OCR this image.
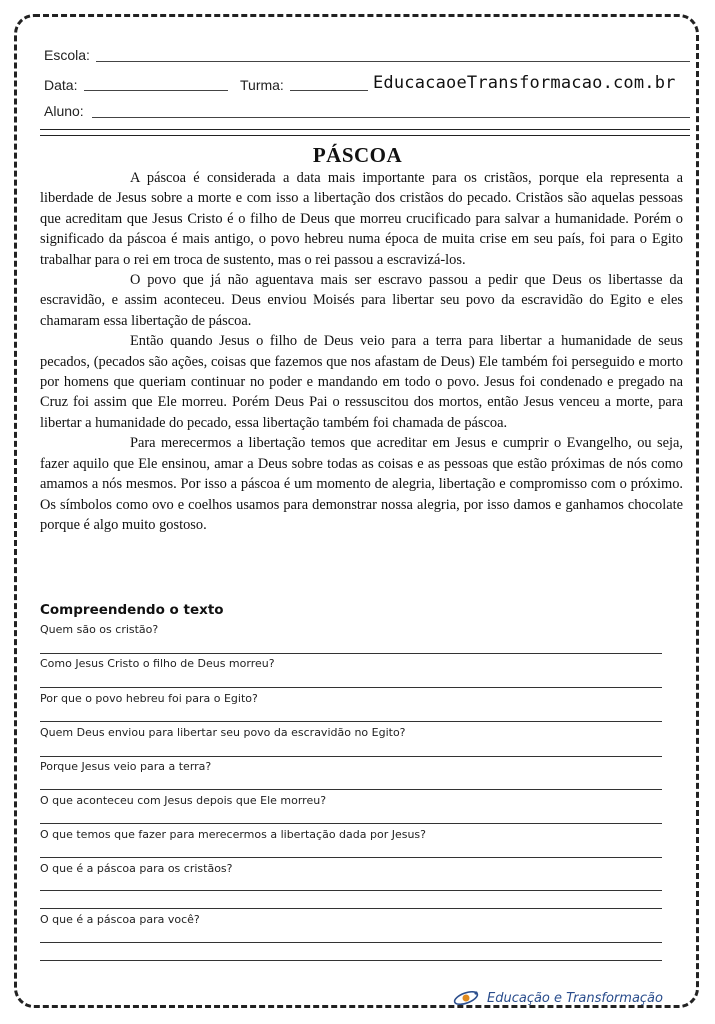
Escola:
Data:	Turma:	EducacaoeTransformacao.com.br
Aluno:
PÁSCOA

A páscoa é considerada a data mais importante para os cristãos, porque ela representa a liberdade de Jesus sobre a morte e com isso a libertação dos cristãos do pecado. Cristãos são aquelas pessoas que acreditam que Jesus Cristo é o filho de Deus que morreu crucificado para salvar a humanidade. Porém o significado da páscoa é mais antigo, o povo hebreu numa época de muita crise em seu país, foi para o Egito trabalhar para o rei em troca de sustento, mas o rei passou a escravizá-los.

O povo que já não aguentava mais ser escravo passou a pedir que Deus os libertasse da escravidão, e assim aconteceu. Deus enviou Moisés para libertar seu povo da escravidão do Egito e eles chamaram essa libertação de páscoa.

Então quando Jesus o filho de Deus veio para a terra para libertar a humanidade de seus pecados, (pecados são ações, coisas que fazemos que nos afastam de Deus) Ele também foi perseguido e morto por homens que queriam continuar no poder e mandando em todo o povo. Jesus foi condenado e pregado na Cruz foi assim que Ele morreu. Porém Deus Pai o ressuscitou dos mortos, então Jesus venceu a morte, para libertar a humanidade do pecado, essa libertação também foi chamada de páscoa.

Para merecermos a libertação temos que acreditar em Jesus e cumprir o Evangelho, ou seja, fazer aquilo que Ele ensinou, amar a Deus sobre todas as coisas e as pessoas que estão próximas de nós como amamos a nós mesmos. Por isso a páscoa é um momento de alegria, libertação e compromisso com o próximo. Os símbolos como ovo e coelhos usamos para demonstrar nossa alegria, por isso damos e ganhamos chocolate porque é algo muito gostoso.

Compreendendo o texto
Quem são os cristão?
Como Jesus Cristo o filho de Deus morreu?
Por que o povo hebreu foi para o Egito?
Quem Deus enviou para libertar seu povo da escravidão no Egito?
Porque Jesus veio para a terra?
O que aconteceu com Jesus depois que Ele morreu?
O que temos que fazer para merecermos a libertação dada por Jesus?
O que é a páscoa para os cristãos?
O que é a páscoa para você?
Educação e Transformação
